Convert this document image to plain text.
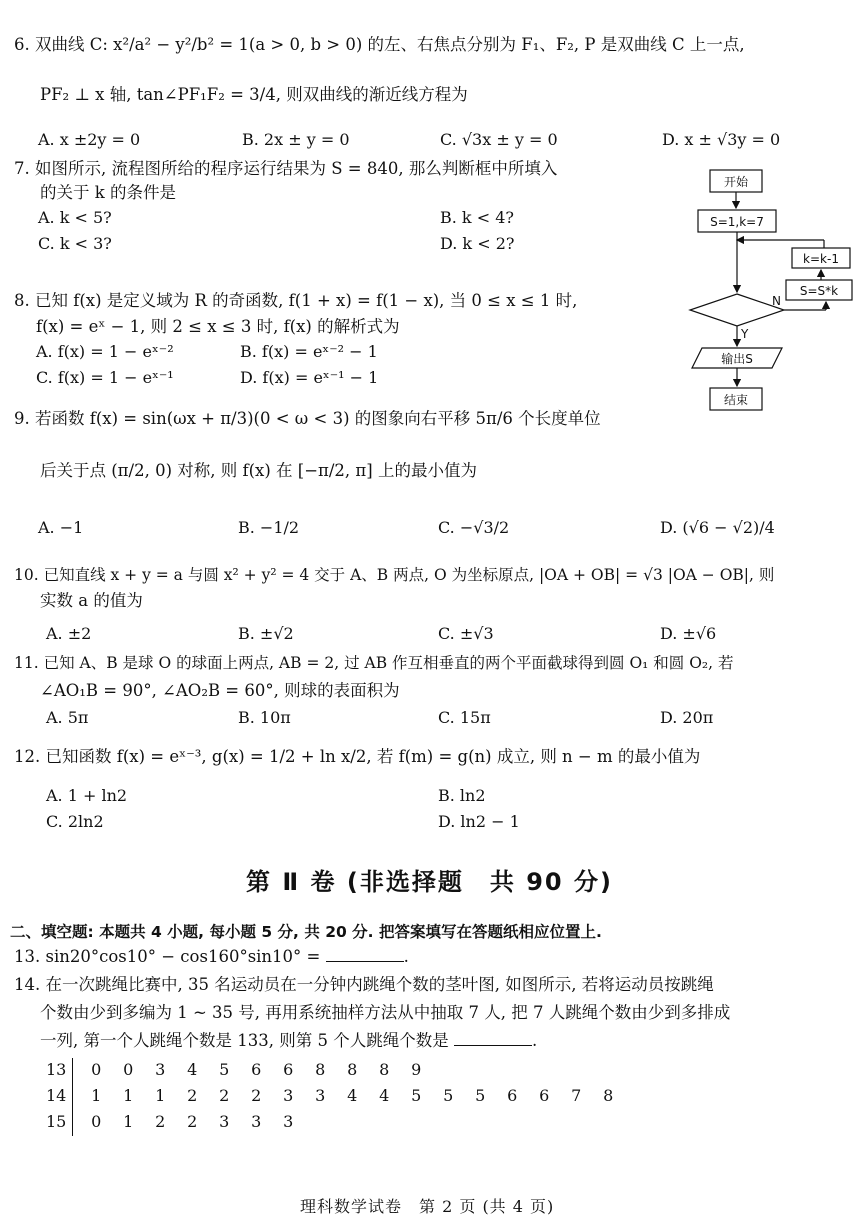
6. 双曲线 C: x²/a² − y²/b² = 1(a > 0, b > 0) 的左、右焦点分别为 F₁、F₂, P 是双曲线 C 上一点,
PF₂ ⊥ x 轴, tan∠PF₁F₂ = 3/4, 则双曲线的渐近线方程为
A. x ±2y = 0	B. 2x ± y = 0	C. √3x ± y = 0	D. x ± √3y = 0
7. 如图所示, 流程图所给的程序运行结果为 S = 840, 那么判断框中所填入
的关于 k 的条件是
A. k < 5?	B. k < 4?
C. k < 3?	D. k < 2?
开始
S=1,k=7
k=k-1
S=S*k
N
Y
输出S
结束
8. 已知 f(x) 是定义域为 R 的奇函数, f(1 + x) = f(1 − x), 当 0 ≤ x ≤ 1 时,
f(x) = eˣ − 1, 则 2 ≤ x ≤ 3 时, f(x) 的解析式为
A. f(x) = 1 − eˣ⁻²	B. f(x) = eˣ⁻² − 1
C. f(x) = 1 − eˣ⁻¹	D. f(x) = eˣ⁻¹ − 1
9. 若函数 f(x) = sin(ωx + π/3)(0 < ω < 3) 的图象向右平移 5π/6 个长度单位
后关于点 (π/2, 0) 对称, 则 f(x) 在 [−π/2, π] 上的最小值为
A. −1	B. −1/2	C. −√3/2	D. (√6 − √2)/4
10. 已知直线 x + y = a 与圆 x² + y² = 4 交于 A、B 两点, O 为坐标原点, |OA + OB| = √3 |OA − OB|, 则
实数 a 的值为
A. ±2	B. ±√2	C. ±√3	D. ±√6
11. 已知 A、B 是球 O 的球面上两点, AB = 2, 过 AB 作互相垂直的两个平面截球得到圆 O₁ 和圆 O₂, 若
∠AO₁B = 90°, ∠AO₂B = 60°, 则球的表面积为
A. 5π	B. 10π	C. 15π	D. 20π
12. 已知函数 f(x) = eˣ⁻³, g(x) = 1/2 + ln x/2, 若 f(m) = g(n) 成立, 则 n − m 的最小值为
A. 1 + ln2	B. ln2
C. 2ln2	D. ln2 − 1
第 Ⅱ 卷 (非选择题　共 90 分)
二、填空题: 本题共 4 小题, 每小题 5 分, 共 20 分. 把答案填写在答题纸相应位置上.
13. sin20°cos10° − cos160°sin10° =	.
14. 在一次跳绳比赛中, 35 名运动员在一分钟内跳绳个数的茎叶图, 如图所示, 若将运动员按跳绳
个数由少到多编为 1 ~ 35 号, 再用系统抽样方法从中抽取 7 人, 把 7 人跳绳个数由少到多排成
一列, 第一个人跳绳个数是 133, 则第 5 个人跳绳个数是	.
13 0 0 3 4 5 6 6 8 8 8 9
14 1 1 1 2 2 2 3 3 4 4 5 5 5 6 6 7 8
15 0 1 2 2 3 3 3
理科数学试卷　第 2 页 (共 4 页)
